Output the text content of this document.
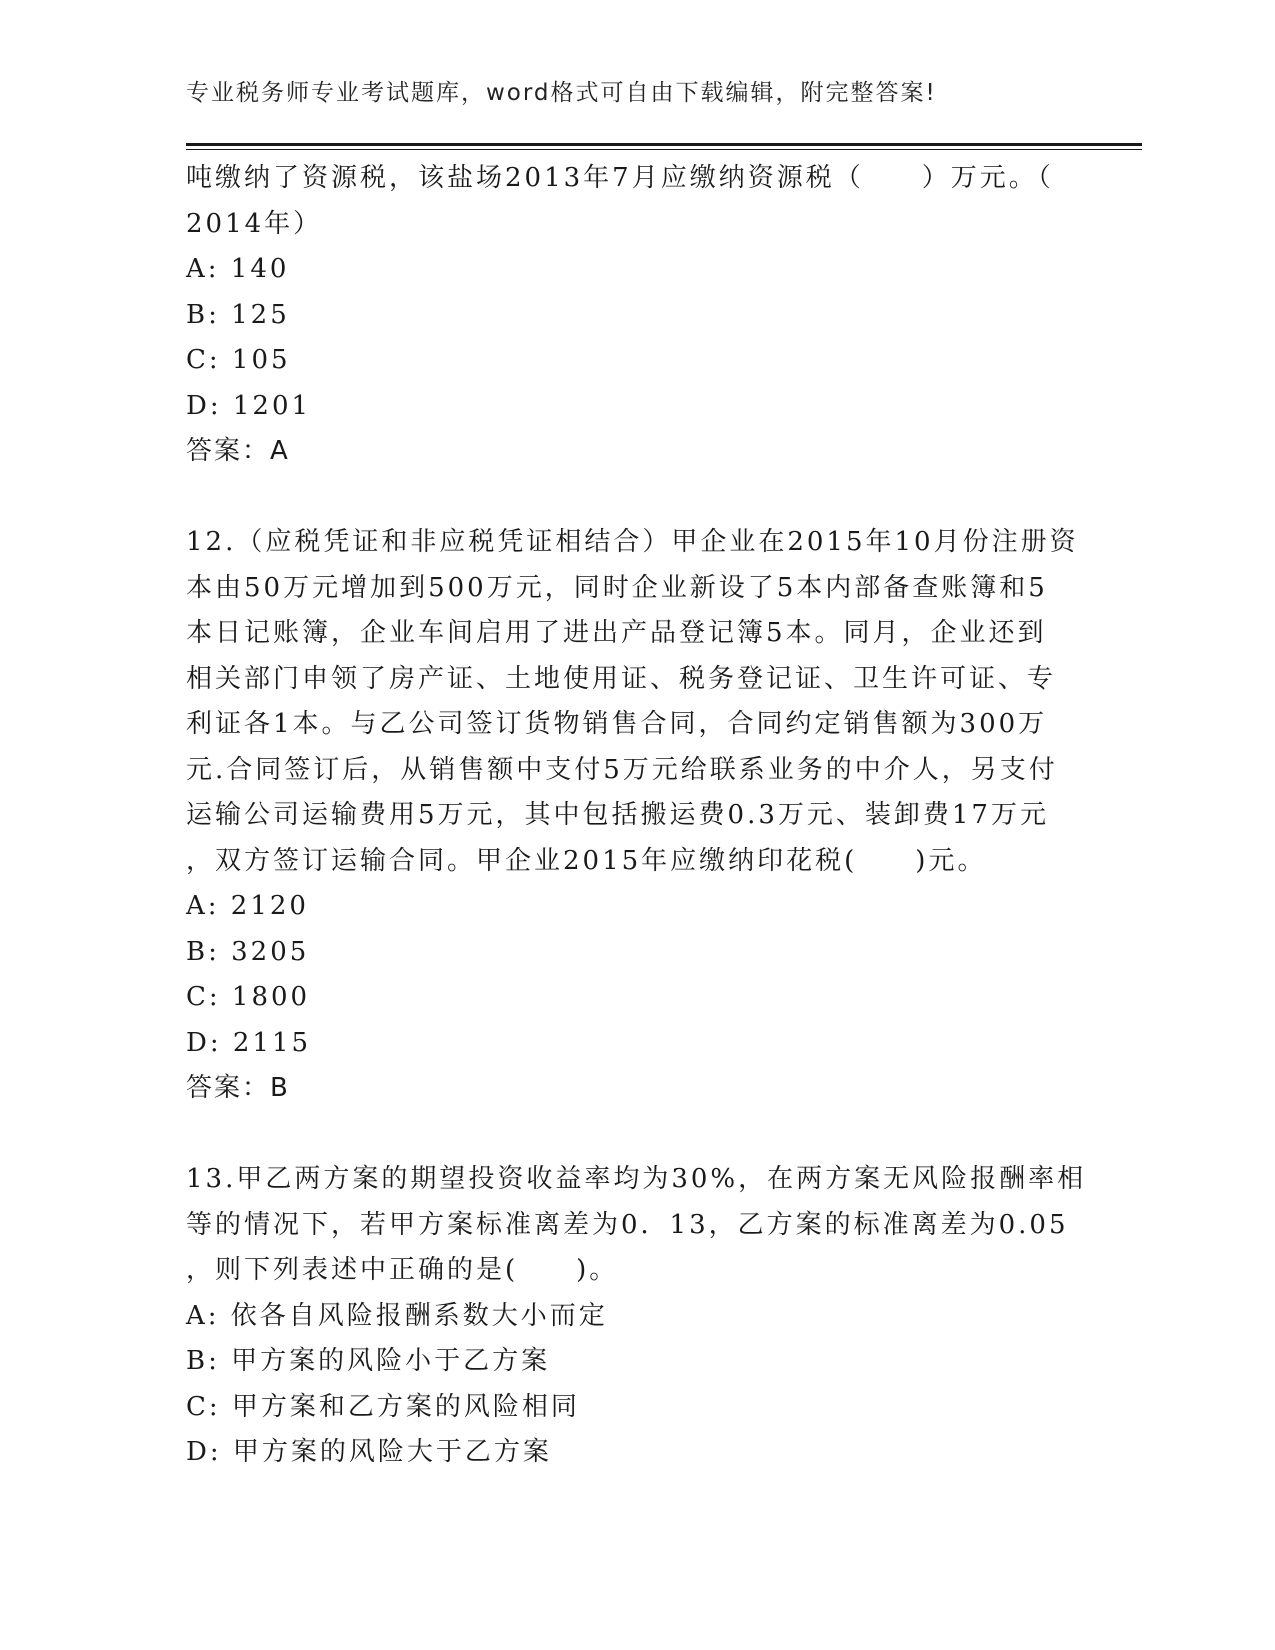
专业税务师专业考试题库，word格式可自由下载编辑，附完整答案!
吨缴纳了资源税，该盐场2013年7月应缴纳资源税（　　）万元。（
2014年）
A: 140
B: 125
C: 105
D: 1201
答案：A
12.（应税凭证和非应税凭证相结合）甲企业在2015年10月份注册资
本由50万元增加到500万元，同时企业新设了5本内部备查账簿和5
本日记账簿，企业车间启用了进出产品登记簿5本。同月，企业还到
相关部门申领了房产证、土地使用证、税务登记证、卫生许可证、专
利证各1本。与乙公司签订货物销售合同，合同约定销售额为300万
元.合同签订后，从销售额中支付5万元给联系业务的中介人，另支付
运输公司运输费用5万元，其中包括搬运费0.3万元、装卸费17万元
，双方签订运输合同。甲企业2015年应缴纳印花税(　　)元。
A: 2120
B: 3205
C: 1800
D: 2115
答案：B
13.甲乙两方案的期望投资收益率均为30%，在两方案无风险报酬率相
等的情况下，若甲方案标准离差为0．13，乙方案的标准离差为0.05
，则下列表述中正确的是(　　)。
A: 依各自风险报酬系数大小而定
B: 甲方案的风险小于乙方案
C: 甲方案和乙方案的风险相同
D: 甲方案的风险大于乙方案
